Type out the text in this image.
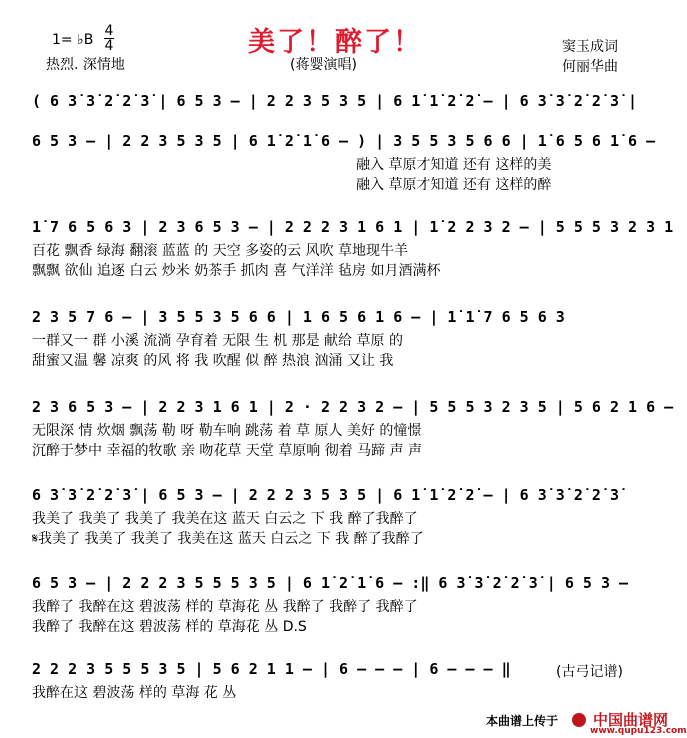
1= ♭B
4
4
热烈. 深情地
美了！醉了！
(蒋婴演唱)
窦玉成词
何丽华曲
( 6 3̇ 3̇ 2̇ 2̇ 3̇ | 6 5 3 – | 2 2 3 5 3 5 | 6 1̇ 1̇ 2̇ 2̇ – | 6 3̇ 3̇ 2̇ 2̇ 3̇ |
6 5 3 – | 2 2 3 5 3 5 | 6 1̇ 2̇ 1̇ 6 – ) | 3 5 5 3 5 6 6 | 1̇ 6 5 6 1̇ 6 –
融入 草原才知道 还有 这样的美
融入 草原才知道 还有 这样的醉
1̇ 7 6 5 6 3 | 2 3 6 5 3 – | 2 2 2 3 1 6 1 | 1̇ 2 2 3 2 – | 5 5 5 3 2 3 1
百花 飘香 绿海 翻滚 蓝蓝 的 天空 多姿的云 风吹 草地现牛羊
飘飘 欲仙 追逐 白云 炒米 奶茶手 抓肉 喜 气洋洋 毡房 如月酒满杯
2 3 5 7 6 – | 3 5 5 3 5 6 6 | 1 6 5 6 1 6 – | 1̇ 1̇ 7 6 5 6 3
一群又一 群 小溪 流淌 孕育着 无限 生 机 那是 献给 草原 的
甜蜜又温 馨 凉爽 的风 将 我 吹醒 似 醉 热浪 汹涌 又让 我
2 3 6 5 3 – | 2 2 3 1 6 1 | 2 · 2 2 3 2 – | 5 5 5 3 2 3 5 | 5 6 2 1 6 –
无限深 情 炊烟 飘荡 勒 呀 勒车响 跳荡 着 草 原人 美好 的憧憬
沉醉于梦中 幸福的牧歌 亲 吻花草 天堂 草原响 彻着 马蹄 声 声
6 3̇ 3̇ 2̇ 2̇ 3̇ | 6 5 3 – | 2 2 2 3 5 3 5 | 6 1̇ 1̇ 2̇ 2̇ – | 6 3̇ 3̇ 2̇ 2̇ 3̇
我美了 我美了 我美了 我美在这 蓝天 白云之 下 我 醉了我醉了
𝄋我美了 我美了 我美了 我美在这 蓝天 白云之 下 我 醉了我醉了
6 5 3 – | 2 2 2 3 5 5 5 3 5 | 6 1̇ 2̇ 1̇ 6 – :‖ 6 3̇ 3̇ 2̇ 2̇ 3̇ | 6 5 3 –
我醉了 我醉在这 碧波荡 样的 草海花 丛 我醉了 我醉了 我醉了
我醉了 我醉在这 碧波荡 样的 草海花 丛 D.S
2 2 2 3 5 5 5 3 5 | 5 6 2 1 1 – | 6 – – – | 6 – – – ‖
我醉在这 碧波荡 样的 草海 花 丛
(古弓记谱)
本曲谱上传于	中国曲谱网
www.qupu123.com
